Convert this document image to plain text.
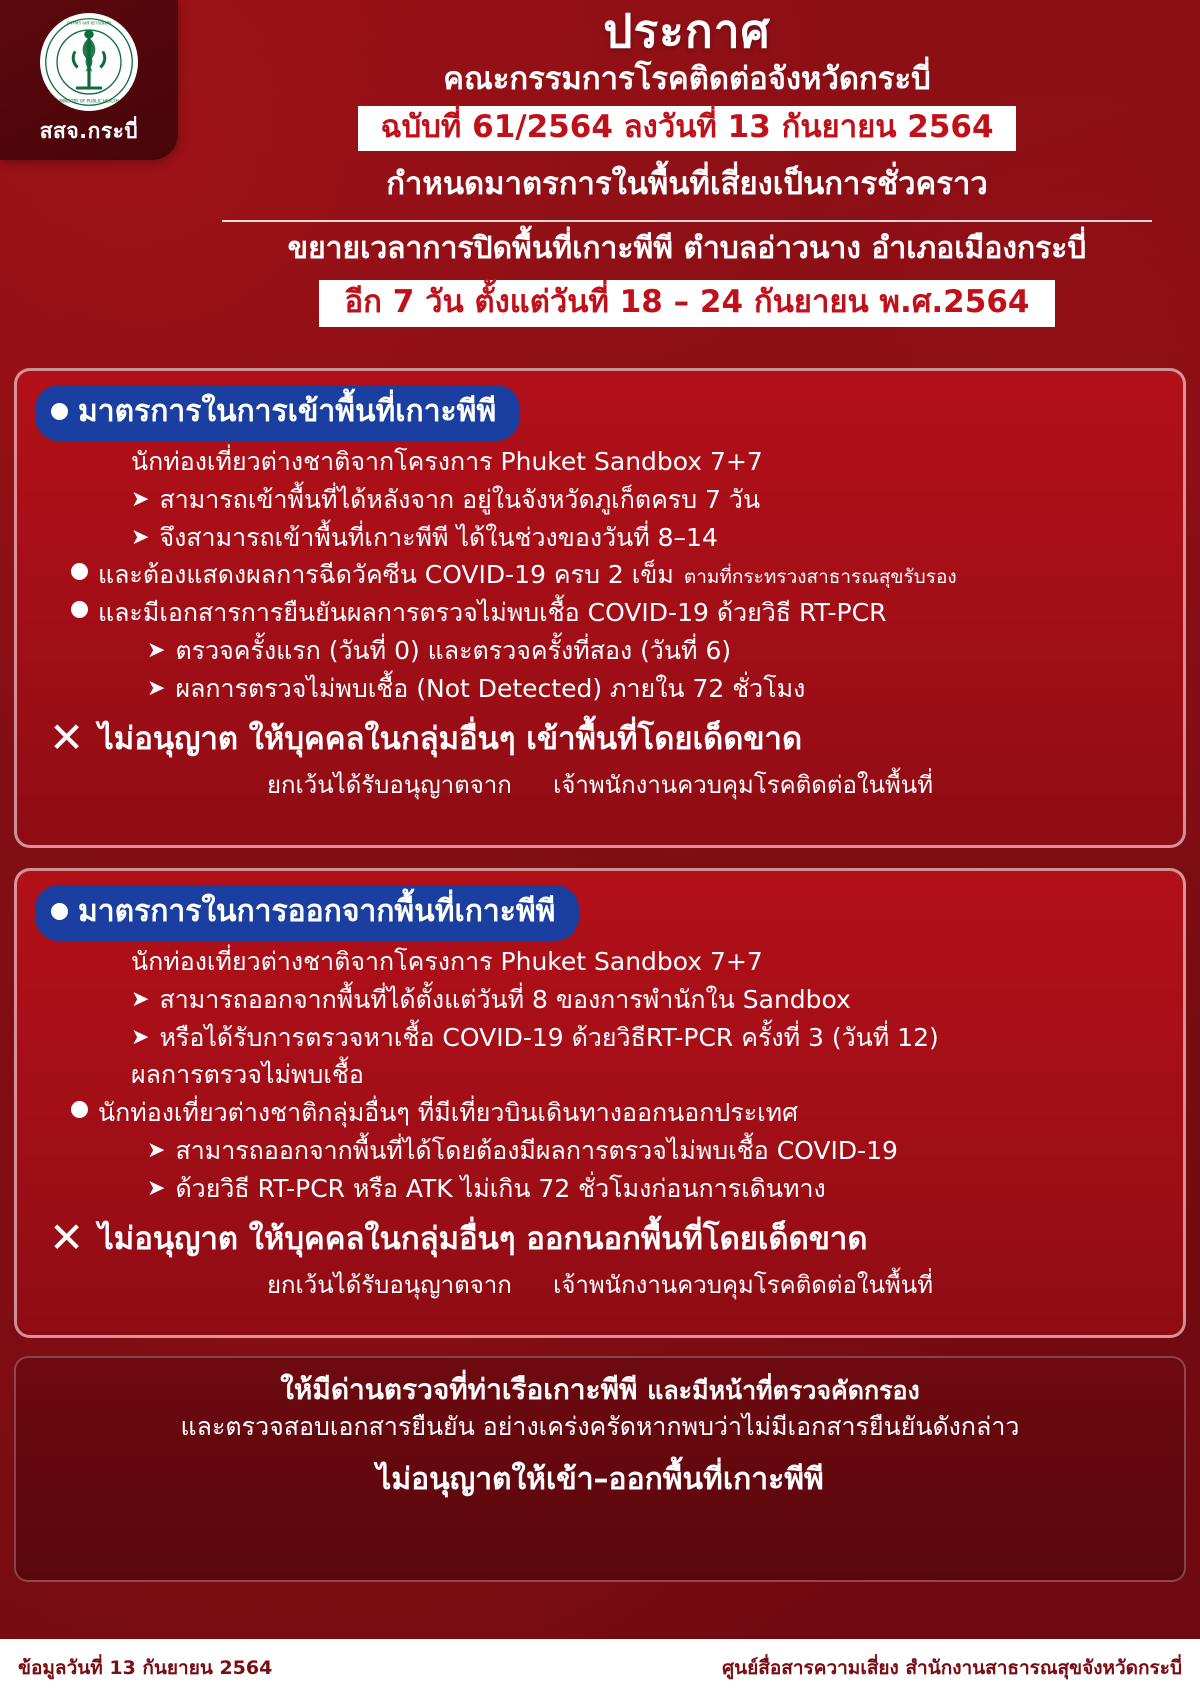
กระทรวงสาธารณสุข
MINISTRY OF PUBLIC HEALTH
สสจ.กระบี่
ประกาศ
คณะกรรมการโรคติดต่อจังหวัดกระบี่
ฉบับที่ 61/2564 ลงวันที่ 13 กันยายน 2564
กำหนดมาตรการในพื้นที่เสี่ยงเป็นการชั่วคราว
ขยายเวลาการปิดพื้นที่เกาะพีพี ตำบลอ่าวนาง อำเภอเมืองกระบี่
อีก 7 วัน ตั้งแต่วันที่ 18 – 24 กันยายน พ.ศ.2564
มาตรการในการเข้าพื้นที่เกาะพีพี
นักท่องเที่ยวต่างชาติจากโครงการ Phuket Sandbox 7+7
➤ สามารถเข้าพื้นที่ได้หลังจาก อยู่ในจังหวัดภูเก็ตครบ 7 วัน
➤ จึงสามารถเข้าพื้นที่เกาะพีพี ได้ในช่วงของวันที่ 8–14
และต้องแสดงผลการฉีดวัคซีน COVID-19 ครบ 2 เข็ม ตามที่กระทรวงสาธารณสุขรับรอง
และมีเอกสารการยืนยันผลการตรวจไม่พบเชื้อ COVID-19 ด้วยวิธี RT-PCR
➤ ตรวจครั้งแรก (วันที่ 0) และตรวจครั้งที่สอง (วันที่ 6)
➤ ผลการตรวจไม่พบเชื้อ (Not Detected) ภายใน 72 ชั่วโมง
✕ ไม่อนุญาต ให้บุคคลในกลุ่มอื่นๆ เข้าพื้นที่โดยเด็ดขาด
ยกเว้นได้รับอนุญาตจาก เจ้าพนักงานควบคุมโรคติดต่อในพื้นที่
มาตรการในการออกจากพื้นที่เกาะพีพี
นักท่องเที่ยวต่างชาติจากโครงการ Phuket Sandbox 7+7
➤ สามารถออกจากพื้นที่ได้ตั้งแต่วันที่ 8 ของการพำนักใน Sandbox
➤ หรือได้รับการตรวจหาเชื้อ COVID-19 ด้วยวิธีRT-PCR ครั้งที่ 3 (วันที่ 12)
ผลการตรวจไม่พบเชื้อ
นักท่องเที่ยวต่างชาติกลุ่มอื่นๆ ที่มีเที่ยวบินเดินทางออกนอกประเทศ
➤ สามารถออกจากพื้นที่ได้โดยต้องมีผลการตรวจไม่พบเชื้อ COVID-19
➤ ด้วยวิธี RT-PCR หรือ ATK ไม่เกิน 72 ชั่วโมงก่อนการเดินทาง
✕ ไม่อนุญาต ให้บุคคลในกลุ่มอื่นๆ ออกนอกพื้นที่โดยเด็ดขาด
ยกเว้นได้รับอนุญาตจาก เจ้าพนักงานควบคุมโรคติดต่อในพื้นที่
ให้มีด่านตรวจที่ท่าเรือเกาะพีพี และมีหน้าที่ตรวจคัดกรอง
และตรวจสอบเอกสารยืนยัน อย่างเคร่งครัดหากพบว่าไม่มีเอกสารยืนยันดังกล่าว
ไม่อนุญาตให้เข้า–ออกพื้นที่เกาะพีพี
ข้อมูลวันที่ 13 กันยายน 2564	ศูนย์สื่อสารความเสี่ยง สำนักงานสาธารณสุขจังหวัดกระบี่
